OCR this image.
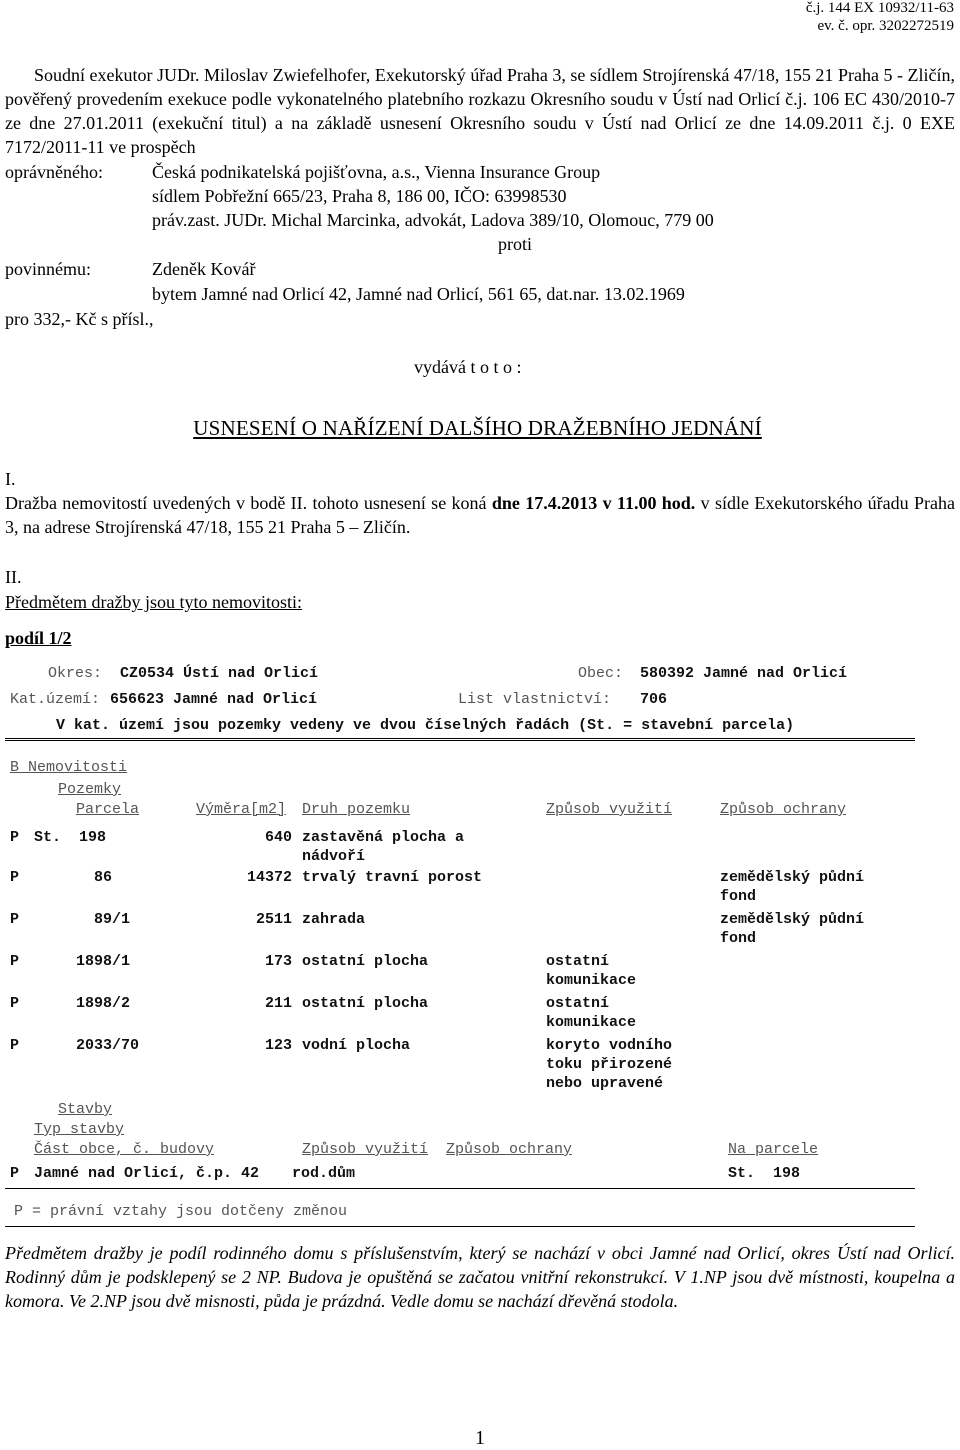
č.j. 144 EX 10932/11-63
ev. č. opr. 3202272519
Soudní exekutor JUDr. Miloslav Zwiefelhofer, Exekutorský úřad Praha 3, se sídlem Strojírenská 47/18, 155 21 Praha 5 - Zličín, pověřený provedením exekuce podle vykonatelného platebního rozkazu Okresního soudu v Ústí nad Orlicí č.j. 106 EC 430/2010-7 ze dne 27.01.2011 (exekuční titul) a na základě usnesení Okresního soudu v Ústí nad Orlicí ze dne 14.09.2011 č.j. 0 EXE 7172/2011-11 ve prospěch
oprávněného:	Česká podnikatelská pojišťovna, a.s., Vienna Insurance Group
sídlem Pobřežní 665/23, Praha 8, 186 00, IČO: 63998530
práv.zast. JUDr. Michal Marcinka, advokát, Ladova 389/10, Olomouc, 779 00
proti
povinnému:	Zdeněk Kovář
bytem Jamné nad Orlicí 42, Jamné nad Orlicí, 561 65, dat.nar. 13.02.1969
pro 332,- Kč s přísl.,
vydává t o t o :
USNESENÍ O NAŘÍZENÍ DALŠÍHO DRAŽEBNÍHO JEDNÁNÍ
I.
Dražba nemovitostí uvedených v bodě II. tohoto usnesení se koná dne 17.4.2013 v 11.00 hod. v sídle Exekutorského úřadu Praha 3, na adrese Strojírenská 47/18, 155 21 Praha 5 – Zličín.
II.
Předmětem dražby jsou tyto nemovitosti:
podíl 1/2
Okres: CZ0534 Ústí nad Orlicí	Obec: 580392 Jamné nad Orlicí
Kat.území: 656623 Jamné nad Orlicí	List vlastnictví: 706
V kat. území jsou pozemky vedeny ve dvou číselných řadách (St. = stavební parcela)
B Nemovitosti
Pozemky
Parcela	Výměra[m2] Druh pozemku	Způsob využití	Způsob ochrany
P St.  198	640 zastavěná plocha a
nádvoří
P	86	14372 trvalý travní porost	zemědělský půdní
fond
P	89/1	2511 zahrada	zemědělský půdní
fond
P	1898/1	173 ostatní plocha	ostatní
komunikace
P	1898/2	211 ostatní plocha	ostatní
komunikace
P	2033/70	123 vodní plocha	koryto vodního
toku přirozené
nebo upravené
Stavby
Typ stavby
Část obce, č. budovy	Způsob využití Způsob ochrany	Na parcele
P Jamné nad Orlicí, č.p. 42 rod.dům	St.  198
P = právní vztahy jsou dotčeny změnou
Předmětem dražby je podíl rodinného domu s příslušenstvím, který se nachází v obci Jamné nad Orlicí, okres Ústí nad Orlicí. Rodinný dům je podsklepený se 2 NP. Budova je opuštěná se začatou vnitřní rekonstrukcí. V 1.NP jsou dvě místnosti, koupelna a komora. Ve 2.NP jsou dvě misnosti, půda je prázdná. Vedle domu se nachází dřevěná stodola.
1
